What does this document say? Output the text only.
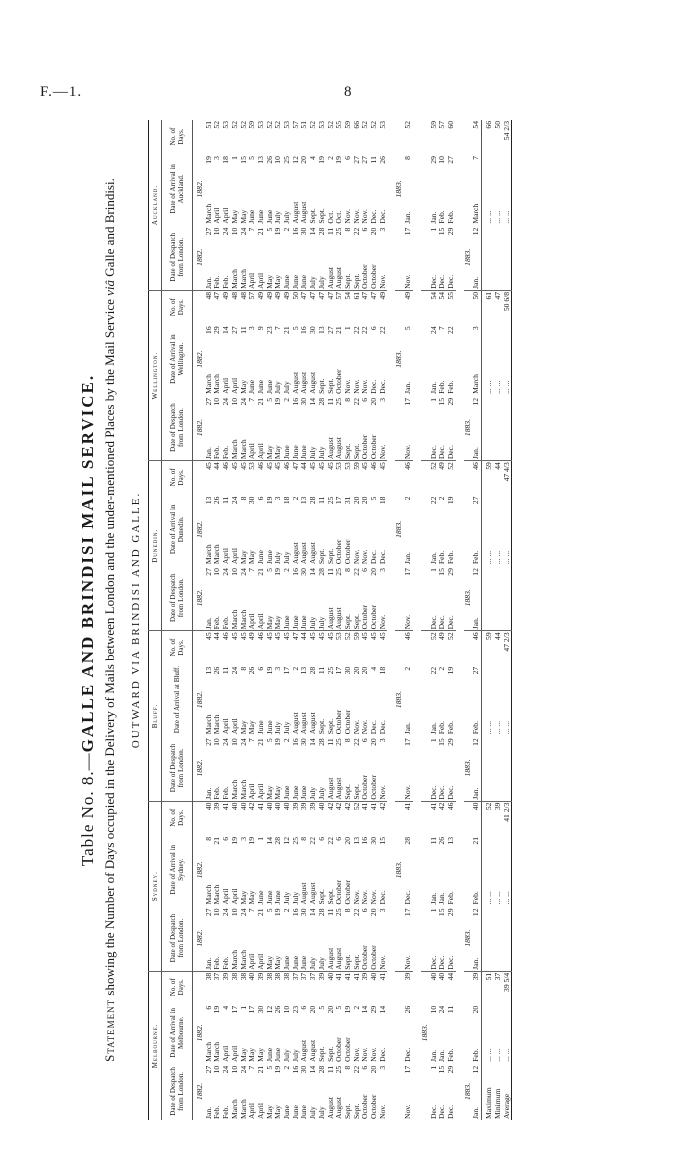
F.—1.	8
Table No. 8.—GALLE AND BRINDISI MAIL SERVICE.
Statement showing the Number of Days occupied in the Delivery of Mails between London and the under-mentioned Places by the Mail Service viâ Galle and Brindisi.
OUTWARD VIA BRINDISI AND GALLE.
Melbourne.					Sydney.					Bluff.					Dunedin.					Wellington.					Auckland.				
Date of Despatch from London.		Date of Arrival in Melbourne.		No. of Days.	Date of Despatch from London.		Date of Arrival in Sydney.		No. of Days.	Date of Despatch from London.		Date of Arrival at Bluff.		No. of Days.	Date of Despatch from London.		Date of Arrival in Dunedin.		No. of Days.	Date of Despatch from London.		Date of Arrival in Wellington.		No. of Days.	Date of Despatch from London.		Date of Arrival in Auckland.		No. of Days.
1882.		1882.			1882.		1882.			1882.		1882.			1882.		1882.			1882.		1882.			1882.		1882.		
Jan.	27	March	6	38	Jan.	27	March	8	40	Jan.	27	March	13	45	Jan.	27	March	13	45	Jan.	27	March	16	48	Jan.	27	March	19	51
Feb.	10	March	19	37	Feb.	10	March	21	39	Feb.	10	March	26	44	Feb.	10	March	26	44	Feb.	10	March	29	47	Feb.	10	April	3	52
Feb.	24	April	4	39	Feb.	24	April	6	41	Feb.	24	April	11	46	Feb.	24	April	11	46	Feb.	24	April	14	49	Feb.	24	April	18	53
March	10	April	17	38	March	10	April	19	40	March	10	April	24	45	March	10	April	24	45	March	10	April	27	48	March	10	May	1	52
March	24	May	1	38	March	24	May	3	40	March	24	May	8	45	March	24	May	8	45	March	24	May	11	48	March	24	May	15	52
April	7	May	17	40	April	7	May	19	42	April	7	May	26	49	April	7	May	30	53	April	7	June	3	57	April	7	June	5	59
April	21	May	30	39	April	21	June	1	41	April	21	June	6	46	April	21	June	6	46	April	21	June	9	49	April	21	June	13	53
May	5	June	12	38	May	5	June	14	40	May	5	June	19	45	May	5	June	19	45	May	5	June	23	49	May	5	June	26	52
May	19	June	26	38	May	19	June	28	40	May	19	July	3	45	May	19	July	3	45	May	19	July	7	49	May	19	July	10	52
June	2	July	10	38	June	2	July	12	40	June	2	July	17	45	June	2	July	18	46	June	2	July	21	49	June	2	July	25	53
June	16	July	23	37	June	16	July	25	39	June	16	August	2	47	June	16	August	2	47	June	16	August	5	50	June	16	August	12	57
June	30	August	6	37	June	30	August	8	39	June	30	August	13	44	June	30	August	13	44	June	30	August	16	47	June	30	August	20	51
July	14	August	20	37	July	14	August	22	39	July	14	August	28	45	July	14	August	28	45	July	14	August	30	47	July	14	Sept.	4	52
July	28	Sept.	5	39	July	28	Sept.	6	40	July	28	Sept.	11	45	July	28	Sept.	11	45	July	28	Sept.	13	47	July	28	Sept.	19	53
August	11	Sept.	20	40	August	11	Sept.	22	42	August	11	Sept.	25	45	August	11	Sept.	25	45	August	11	Sept.	27	47	August	11	Oct.	2	52
August	25	October	5	41	August	25	October	6	42	August	25	October	17	53	August	25	October	17	53	August	25	October	21	57	August	25	Oct.	19	55
Sept.	8	October	19	41	Sept.	8	October	20	42	Sept.	8	October	30	52	Sept.	8	October	31	53	Sept.	8	Nov.	1	54	Sept.	8	Nov.	6	59
Sept.	22	Nov.	2	41	Sept.	22	Nov.	13	52	Sept.	22	Nov.	20	59	Sept.	22	Nov.	20	59	Sept.	22	Nov.	22	61	Sept.	22	Nov.	27	66
October	6	Nov.	14	39	October	6	Nov.	16	41	October	6	Nov.	20	45	October	6	Nov.	20	45	October	6	Nov.	22	47	October	6	Nov.	27	52
October	20	Nov.	29	40	October	20	Nov.	30	41	October	20	Dec.	4	45	October	20	Dec.	5	46	October	20	Dec.	6	47	October	20	Dec.	11	52
Nov.	3	Dec.	14	41	Nov.	3	Dec.	15	42	Nov.	3	Dec.	18	45	Nov.	3	Dec.	18	45	Nov.	3	Dec.	22	49	Nov.	3	Dec.	26	53

							1883.					1883.					1883.					1883.					1883.		
Nov.	17	Dec.	26	39	Nov.	17	Dec.	28	41	Nov.	17	Jan.	2	46	Nov.	17	Jan.	2	46	Nov.	17	Jan.	5	49	Nov.	17	Jan.	8	52

		1883.																											
Dec.	1	Jan.	10	40	Dec.	1	Jan.	11	41	Dec.	1	Jan.	22	52	Dec.	1	Jan.	22	52	Dec.	1	Jan.	24	54	Dec.	1	Jan.	29	59
Dec.	15	Jan.	24	40	Dec.	15	Jan.	26	42	Dec.	15	Feb.	2	49	Dec.	15	Feb.	2	49	Dec.	15	Feb.	7	54	Dec.	15	Feb.	10	57
Dec.	29	Feb.	11	44	Dec.	29	Feb.	13	46	Dec.	29	Feb.	19	52	Dec.	29	Feb.	19	52	Dec.	29	Feb.	22	55	Dec.	29	Feb.	27	60

1883.					1883.					1883.					1883.					1883.					1883.				
Jan.	12	Feb.	20	39	Jan.	12	Feb.	21	40	Jan.	12	Feb.	27	46	Jan.	12	Feb.	27	46	Jan.	12	March	3	50	Jan.	12	March	7	54
Maximum		... ...		51			... ...		52			... ...		59			... ...		59			... ...		61			... ...		66
Minimum		... ...		37			... ...		39			... ...		44			... ...		44			... ...		47			... ...		50
Average		... ...		39 5/4			... ...		41 2/3			... ...		47 2/3			... ...		47 4/3			... ...		50 6/8			... ...		54 2/3
